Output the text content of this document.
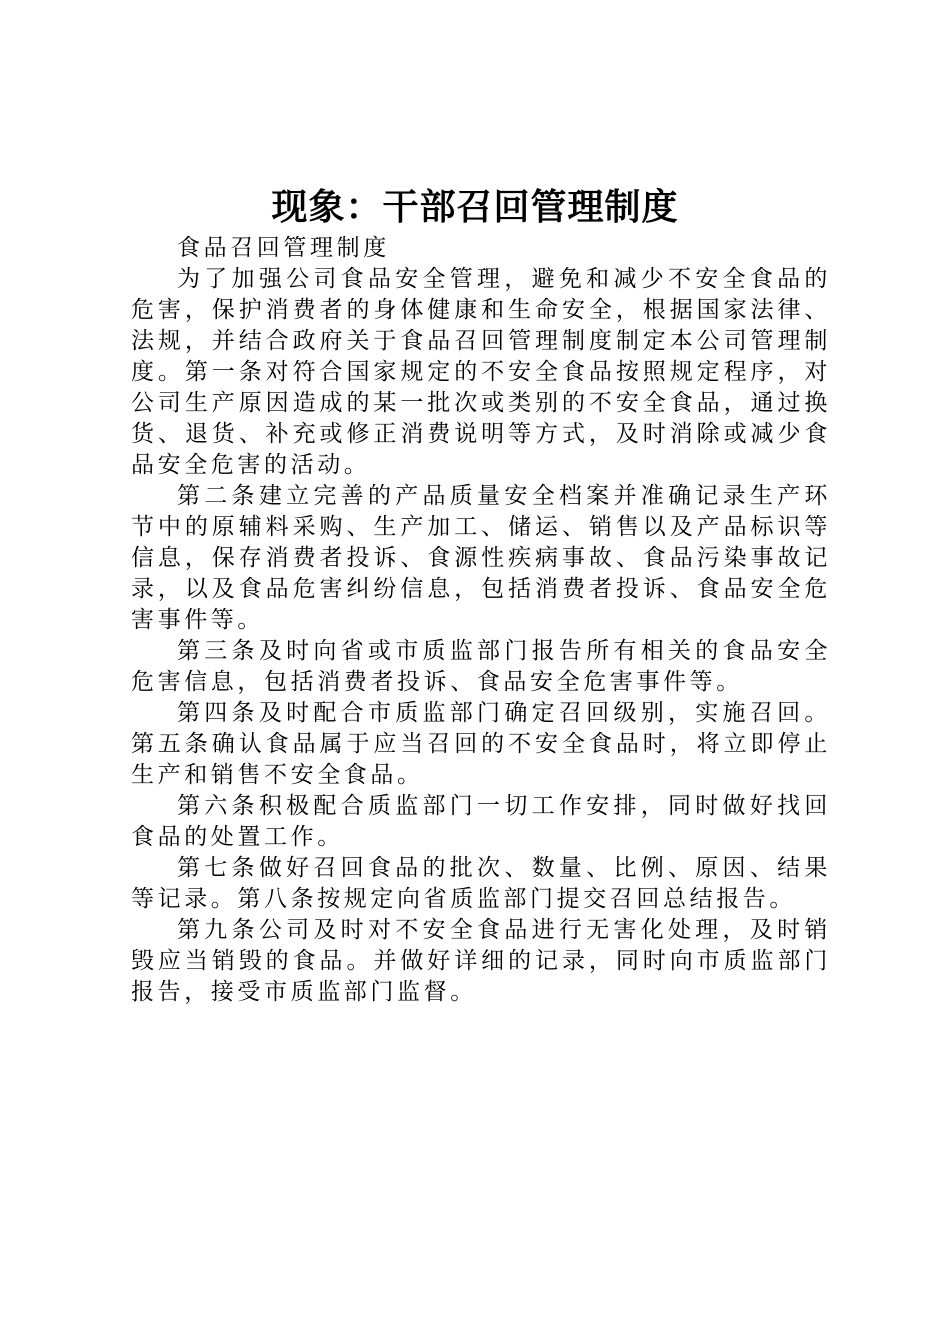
现象：干部召回管理制度

食品召回管理制度

为了加强公司食品安全管理，避免和减少不安全食品的危害，保护消费者的身体健康和生命安全，根据国家法律、法规，并结合政府关于食品召回管理制度制定本公司管理制度。第一条对符合国家规定的不安全食品按照规定程序，对公司生产原因造成的某一批次或类别的不安全食品，通过换货、退货、补充或修正消费说明等方式，及时消除或减少食品安全危害的活动。

第二条建立完善的产品质量安全档案并准确记录生产环节中的原辅料采购、生产加工、储运、销售以及产品标识等信息，保存消费者投诉、食源性疾病事故、食品污染事故记录，以及食品危害纠纷信息，包括消费者投诉、食品安全危害事件等。

第三条及时向省或市质监部门报告所有相关的食品安全危害信息，包括消费者投诉、食品安全危害事件等。

第四条及时配合市质监部门确定召回级别，实施召回。第五条确认食品属于应当召回的不安全食品时，将立即停止生产和销售不安全食品。

第六条积极配合质监部门一切工作安排，同时做好找回食品的处置工作。

第七条做好召回食品的批次、数量、比例、原因、结果等记录。第八条按规定向省质监部门提交召回总结报告。

第九条公司及时对不安全食品进行无害化处理，及时销毁应当销毁的食品。并做好详细的记录，同时向市质监部门报告，接受市质监部门监督。
